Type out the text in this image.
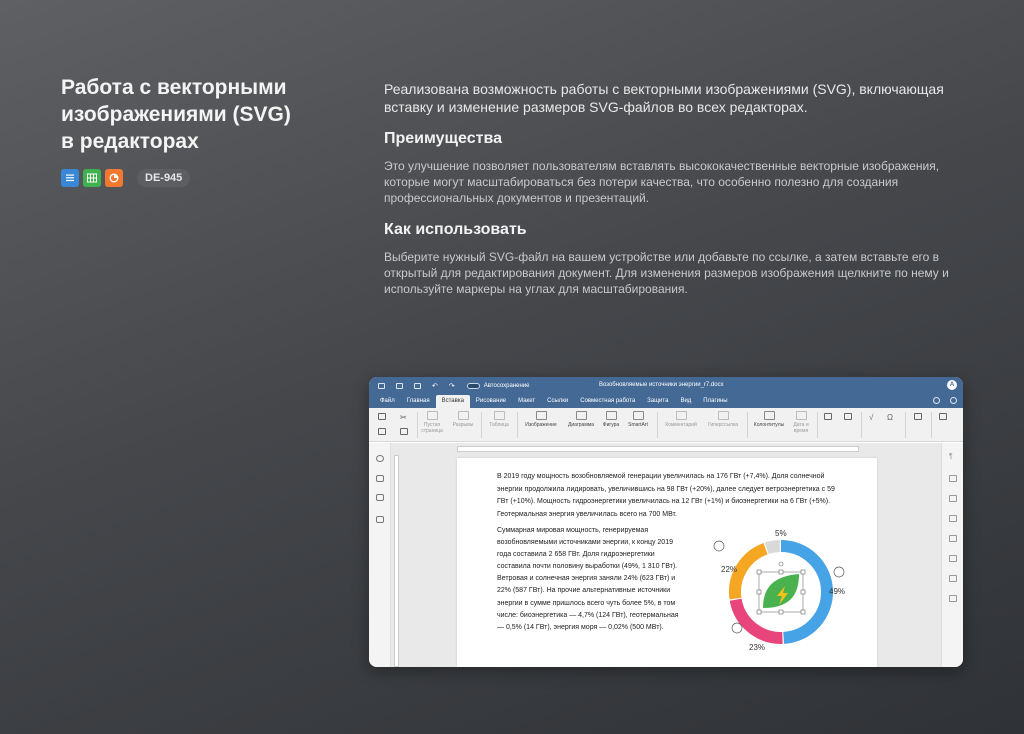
Работа с векторными
изображениями (SVG)
в редакторах
DE-945
Реализована возможность работы с векторными изображениями (SVG), включающая вставку и изменение размеров SVG-файлов во всех редакторах.
Преимущества
Это улучшение позволяет пользователям вставлять высококачественные векторные изображения, которые могут масштабироваться без потери качества, что особенно полезно для создания профессиональных документов и презентаций.
Как использовать
Выберите нужный SVG-файл на вашем устройстве или добавьте по ссылке, а затем вставьте его в открытый для редактирования документ. Для изменения размеров изображения щелкните по нему и используйте маркеры на углах для масштабирования.
↶ ↷	Автосохранение	Возобновляемые источники энергии_r7.docx	A
Файл	Главная	Вставка	Рисование	Макет	Ссылки	Совместная работа	Защита	Вид	Плагины
✂
Пустая страница
Разрывы	Таблица	Изображение	Диаграмма	Фигура	SmartArt	Комментарий	Гиперссылка	Колонтитулы	Дата и время
√	Ω
В 2019 году мощность возобновляемой генерации увеличилась на 176 ГВт (+7,4%). Доля солнечной энергии продолжила лидировать, увеличившись на 98 ГВт (+20%), далее следует ветроэнергетика с 59 ГВт (+10%). Мощность гидроэнергетики увеличилась на 12 ГВт (+1%) и биоэнергетики на 6 ГВт (+5%). Геотермальная энергия увеличилась всего на 700 МВт.
Суммарная мировая мощность, генерируемая возобновляемыми источниками энергии, к концу 2019 года составила 2 658 ГВт. Доля гидроэнергетики составила почти половину выработки (49%, 1 310 ГВт). Ветровая и солнечная энергия заняли 24% (623 ГВт) и 22% (587 ГВт). На прочие альтернативные источники энергии в сумме пришлось всего чуть более 5%, в том числе: биоэнергетика — 4,7% (124 ГВт), геотермальная — 0,5% (14 ГВт), энергия моря — 0,02% (500 МВт).
49%
23%
22%
5%
¶
